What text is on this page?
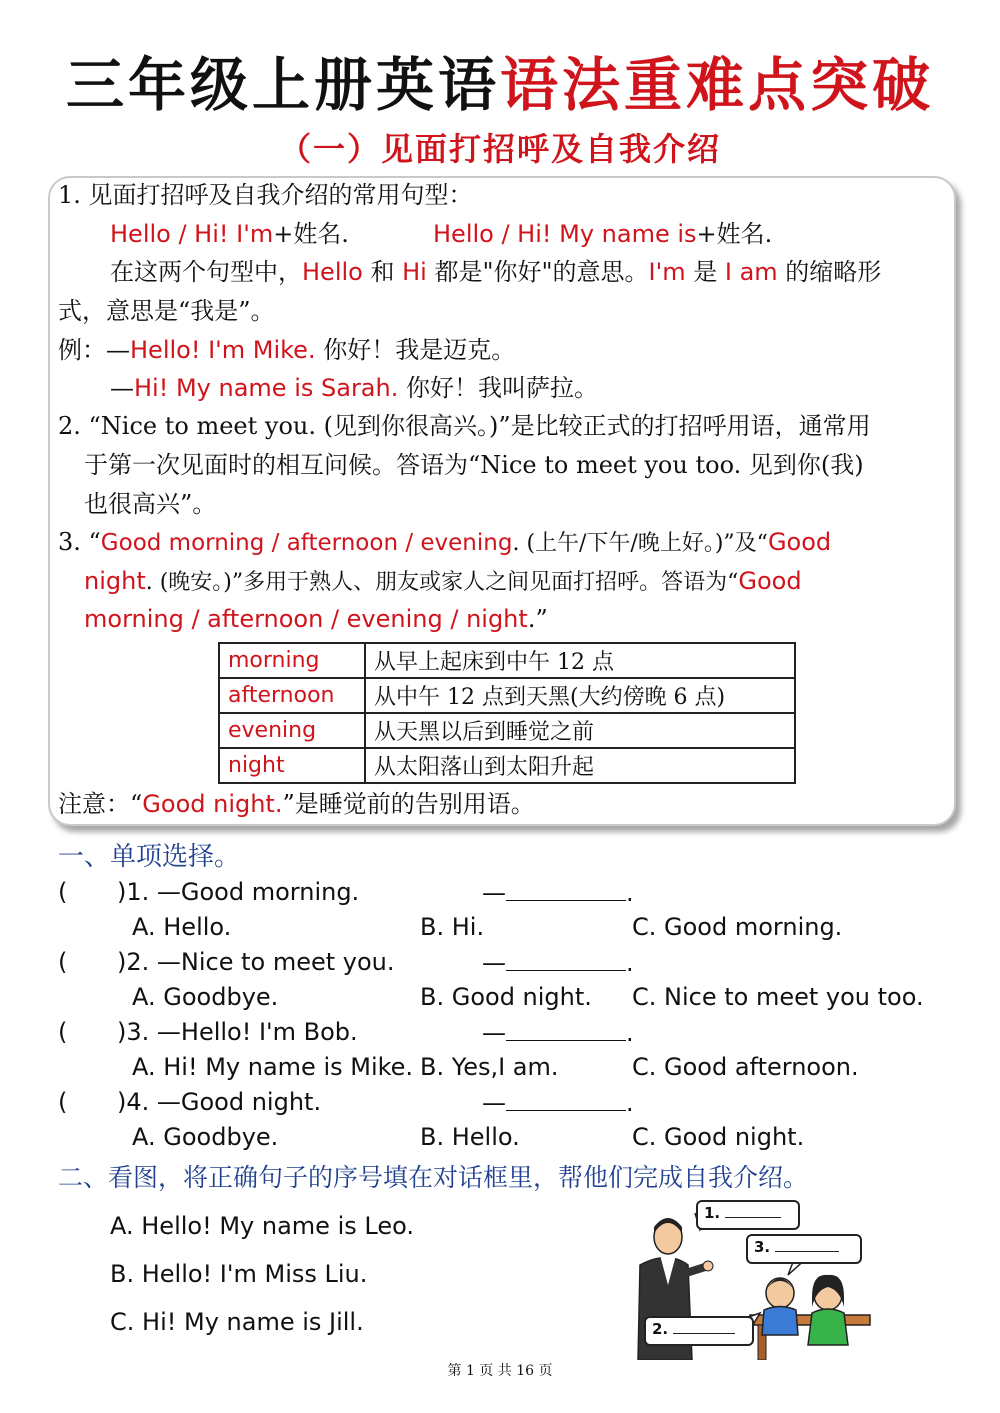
三年级上册英语语法重难点突破
（一）见面打招呼及自我介绍
1. 见面打招呼及自我介绍的常用句型：
Hello / Hi! I'm+姓名.	Hello / Hi! My name is+姓名.
在这两个句型中，Hello 和 Hi 都是"你好"的意思。I'm 是 I am 的缩略形
式，意思是“我是”。
例：—Hello! I'm Mike. 你好！我是迈克。
—Hi! My name is Sarah. 你好！我叫萨拉。
2. “Nice to meet you. (见到你很高兴。)”是比较正式的打招呼用语，通常用
于第一次见面时的相互问候。答语为“Nice to meet you too. 见到你(我)
也很高兴”。
3. “Good morning / afternoon / evening. (上午/下午/晚上好。)”及“Good
night. (晚安。)”多用于熟人、朋友或家人之间见面打招呼。答语为“Good
morning / afternoon / evening / night.”
morning	从早上起床到中午 12 点
afternoon	从中午 12 点到天黑(大约傍晚 6 点)
evening	从天黑以后到睡觉之前
night	从太阳落山到太阳升起
注意：“Good night.”是睡觉前的告别用语。
一、单项选择。
( )1. —Good morning.	—	.
A. Hello.	B. Hi.	C. Good morning.
( )2. —Nice to meet you.	—	.
A. Goodbye.	B. Good night. C. Nice to meet you too.
( )3. —Hello! I'm Bob.	—	.
A. Hi! My name is Mike. B. Yes,I am.	C. Good afternoon.
( )4. —Good night.	—	.
A. Goodbye.	B. Hello.	C. Good night.
二、看图，将正确句子的序号填在对话框里，帮他们完成自我介绍。
A. Hello! My name is Leo.
B. Hello! I'm Miss Liu.
C. Hi! My name is Jill.
1.
3.
2.
第 1 页 共 16 页
